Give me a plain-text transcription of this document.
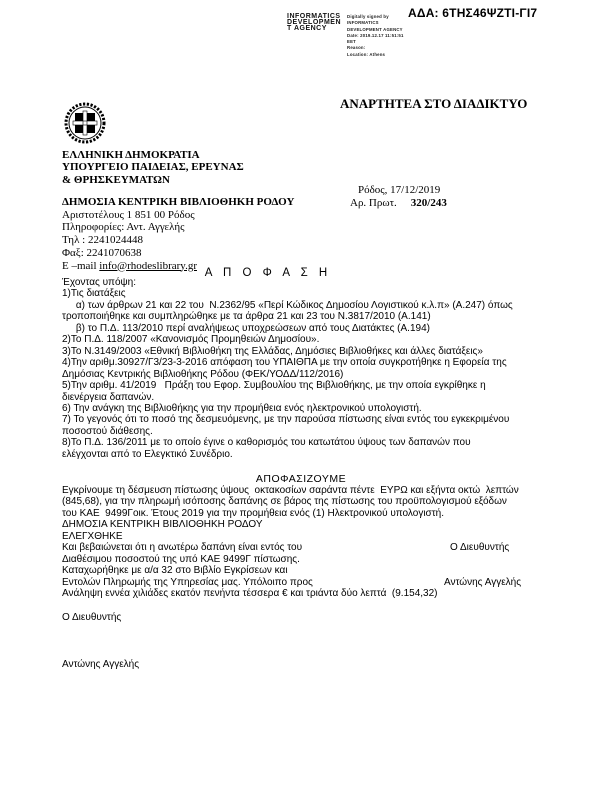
ΑΔΑ: 6ΤΗΣ46ΨΖΤΙ-ΓΙ7
INFORMATICS
DEVELOPMEN
T AGENCY
Digitally signed by
INFORMATICS
DEVELOPMENT AGENCY
Date: 2019.12.17 11:51:51
EET
Reason:
Location: Athens
ΑΝΑΡΤΗΤΕΑ ΣΤΟ ΔΙΑΔΙΚΤΥΟ
ΕΛΛΗΝΙΚΗ ΔΗΜΟΚΡΑΤΙΑ
ΥΠΟΥΡΓΕΙΟ ΠΑΙΔΕΙΑΣ, ΕΡΕΥΝΑΣ
& ΘΡΗΣΚΕΥΜΑΤΩΝ
Ρόδος, 17/12/2019
Αρ. Πρωτ. 320/243
ΔΗΜΟΣΙΑ ΚΕΝΤΡΙΚΗ ΒΙΒΛΙΟΘΗΚΗ ΡΟΔΟΥ
Αριστοτέλους 1 851 00 Ρόδος
Πληροφορίες: Αντ. Αγγελής
Τηλ : 2241024448
Φαξ: 2241070638
E –mail info@rhodeslibrary.gr
Α Π Ο Φ Α Σ Η
Έχοντας υπόψη:
1)Τις διατάξεις
α) των άρθρων 21 και 22 του  Ν.2362/95 «Περί Κώδικος Δημοσίου Λογιστικού κ.λ.π» (Α.247) όπως
τροποποιήθηκε και συμπληρώθηκε με τα άρθρα 21 και 23 του Ν.3817/2010 (Α.141)
β) το Π.Δ. 113/2010 περί αναλήψεως υποχρεώσεων από τους Διατάκτες (Α.194)
2)Το Π.Δ. 118/2007 «Κανονισμός Προμηθειών Δημοσίου».
3)Το Ν.3149/2003 «Εθνική Βιβλιοθήκη της Ελλάδας, Δημόσιες Βιβλιοθήκες και άλλες διατάξεις»
4)Την αριθμ.30927/Γ3/23-3-2016 απόφαση του ΥΠΑΙΘΠΑ με την οποία συγκροτήθηκε η Εφορεία της
Δημόσιας Κεντρικής Βιβλιοθήκης Ρόδου (ΦΕΚ/ΥΟΔΔ/112/2016)
5)Την αριθμ. 41/2019   Πράξη του Εφορ. Συμβουλίου της Βιβλιοθήκης, με την οποία εγκρίθηκε η
διενέργεια δαπανών.
6) Την ανάγκη της Βιβλιοθήκης για την προμήθεια ενός ηλεκτρονικού υπολογιστή.
7) Το γεγονός ότι το ποσό της δεσμευόμενης, με την παρούσα πίστωσης είναι εντός του εγκεκριμένου
ποσοστού διάθεσης.
8)Το Π.Δ. 136/2011 με το οποίο έγινε ο καθορισμός του κατωτάτου ύψους των δαπανών που
ελέγχονται από το Ελεγκτικό Συνέδριο.
ΑΠΟΦΑΣΙΖΟΥΜΕ
Εγκρίνουμε τη δέσμευση πίστωσης ύψους  οκτακοσίων σαράντα πέντε  ΕΥΡΩ και εξήντα οκτώ  λεπτών
(845,68), για την πληρωμή ισόποσης δαπάνης σε βάρος της πίστωσης του προϋπολογισμού εξόδων
του ΚΑΕ  9499Γοικ. Έτους 2019 για την προμήθεια ενός (1) Ηλεκτρονικού υπολογιστή.
ΔΗΜΟΣΙΑ ΚΕΝΤΡΙΚΗ ΒΙΒΛΙΟΘΗΚΗ ΡΟΔΟΥ
ΕΛΕΓΧΘΗΚΕ
Και βεβαιώνεται ότι η ανωτέρω δαπάνη είναι εντός του
Διαθέσιμου ποσοστού της υπό ΚΑΕ 9499Γ πίστωσης.
Καταχωρήθηκε με α/α 32 στο Βιβλίο Εγκρίσεων και
Εντολών Πληρωμής της Υπηρεσίας μας. Υπόλοιπο προς
Ανάληψη εννέα χιλιάδες εκατόν πενήντα τέσσερα € και τριάντα δύο λεπτά  (9.154,32)
Ο Διευθυντής
Αντώνης Αγγελής
Ο Διευθυντής
Αντώνης Αγγελής
